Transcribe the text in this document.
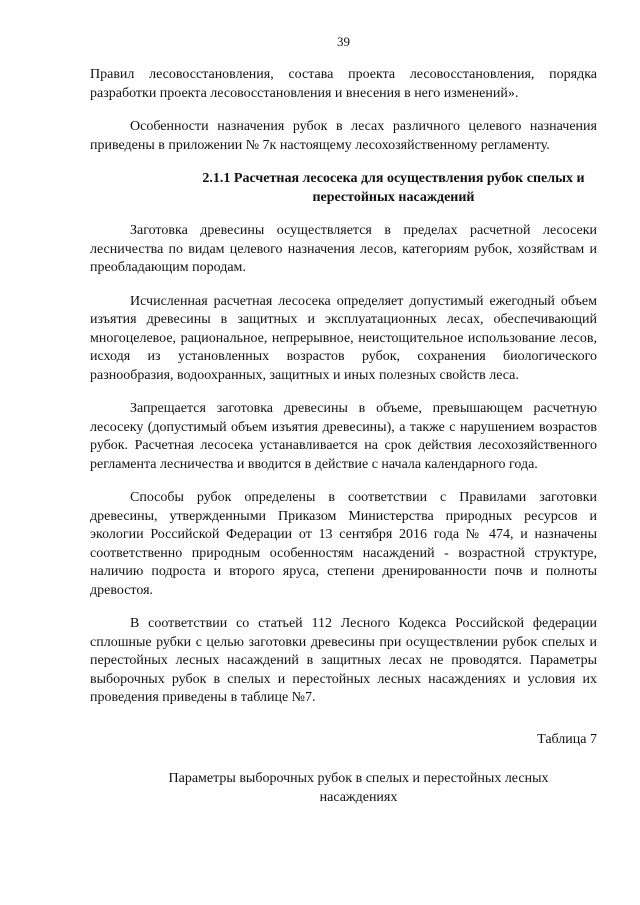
39

Правил лесовосстановления, состава проекта лесовосстановления, порядка разработки проекта лесовосстановления и внесения в него изменений».

Особенности назначения рубок в лесах различного целевого назначения приведены в приложении № 7к настоящему лесохозяйственному регламенту.

2.1.1 Расчетная лесосека для осуществления рубок спелых и перестойных насаждений

Заготовка древесины осуществляется в пределах расчетной лесосеки лесничества по видам целевого назначения лесов, категориям рубок, хозяйствам и преобладающим породам.

Исчисленная расчетная лесосека определяет допустимый ежегодный объем изъятия древесины в защитных и эксплуатационных лесах, обеспечивающий многоцелевое, рациональное, непрерывное, неистощительное использование лесов, исходя из установленных возрастов рубок, сохранения биологического разнообразия, водоохранных, защитных и иных полезных свойств леса.

Запрещается заготовка древесины в объеме, превышающем расчетную лесосеку (допустимый объем изъятия древесины), а также с нарушением возрастов рубок. Расчетная лесосека устанавливается на срок действия лесохозяйственного регламента лесничества и вводится в действие с начала календарного года.

Способы рубок определены в соответствии с Правилами заготовки древесины, утвержденными Приказом Министерства природных ресурсов и экологии Российской Федерации от 13 сентября 2016 года № 474, и назначены соответственно природным особенностям насаждений - возрастной структуре, наличию подроста и второго яруса, степени дренированности почв и полноты древостоя.

В соответствии со статьей 112 Лесного Кодекса Российской федерации сплошные рубки с целью заготовки древесины при осуществлении рубок спелых и перестойных лесных насаждений в защитных лесах не проводятся. Параметры выборочных рубок в спелых и перестойных лесных насаждениях и условия их проведения приведены в таблице №7.

Таблица 7

Параметры выборочных рубок в спелых и перестойных лесных насаждениях
